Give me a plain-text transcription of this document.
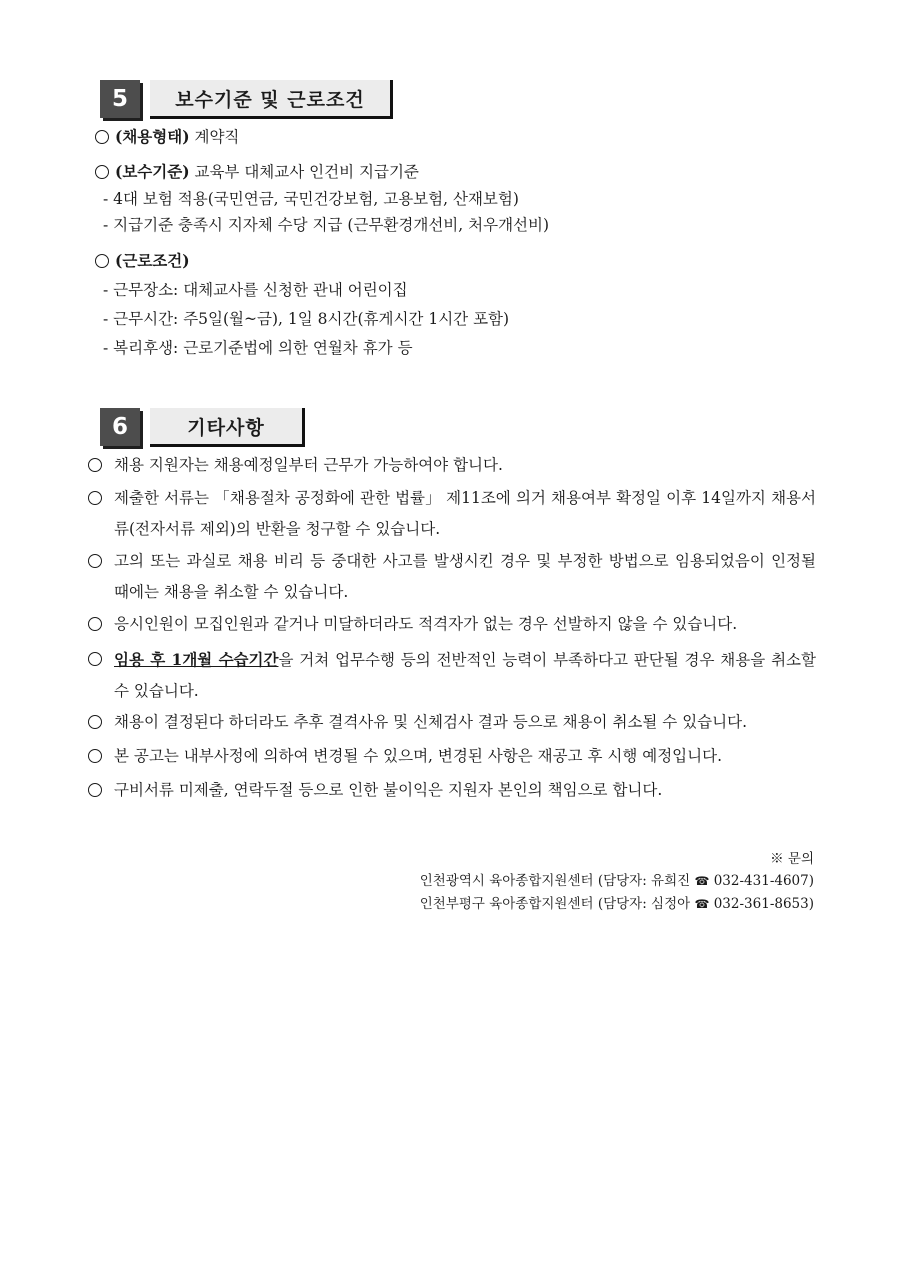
5	보수기준 및 근로조건
(채용형태) 계약직
(보수기준) 교육부 대체교사 인건비 지급기준
- 4대 보험 적용(국민연금, 국민건강보험, 고용보험, 산재보험)
- 지급기준 충족시 지자체 수당 지급 (근무환경개선비, 처우개선비)
(근로조건)
- 근무장소: 대체교사를 신청한 관내 어린이집
- 근무시간: 주5일(월~금), 1일 8시간(휴게시간 1시간 포함)
- 복리후생: 근로기준법에 의한 연월차 휴가 등
6	기타사항
채용 지원자는 채용예정일부터 근무가 가능하여야 합니다.
제출한 서류는 「채용절차 공정화에 관한 법률」 제11조에 의거 채용여부 확정일 이후 14일까지 채용서류(전자서류 제외)의 반환을 청구할 수 있습니다.
고의 또는 과실로 채용 비리 등 중대한 사고를 발생시킨 경우 및 부정한 방법으로 임용되었음이 인정될 때에는 채용을 취소할 수 있습니다.
응시인원이 모집인원과 같거나 미달하더라도 적격자가 없는 경우 선발하지 않을 수 있습니다.
임용 후 1개월 수습기간을 거쳐 업무수행 등의 전반적인 능력이 부족하다고 판단될 경우 채용을 취소할 수 있습니다.
채용이 결정된다 하더라도 추후 결격사유 및 신체검사 결과 등으로 채용이 취소될 수 있습니다.
본 공고는 내부사정에 의하여 변경될 수 있으며, 변경된 사항은 재공고 후 시행 예정입니다.
구비서류 미제출, 연락두절 등으로 인한 불이익은 지원자 본인의 책임으로 합니다.
※ 문의
인천광역시 육아종합지원센터 (담당자: 유희진 ☎ 032-431-4607)
인천부평구 육아종합지원센터 (담당자: 심정아 ☎ 032-361-8653)
